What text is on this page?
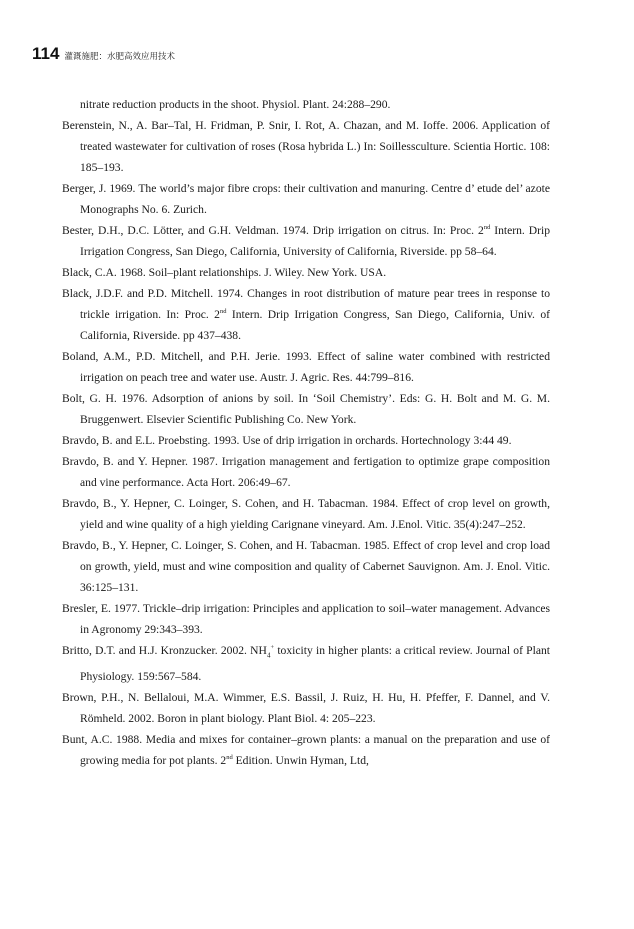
114 灌溉施肥：水肥高效应用技术

nitrate reduction products in the shoot. Physiol. Plant. 24:288–290.

Berenstein, N., A. Bar–Tal, H. Fridman, P. Snir, I. Rot, A. Chazan, and M. Ioffe. 2006. Application of treated wastewater for cultivation of roses (Rosa hybrida L.) In: Soillessculture. Scientia Hortic. 108: 185–193.

Berger, J. 1969. The world’s major fibre crops: their cultivation and manuring. Centre d’ etude del’ azote Monographs No. 6. Zurich.

Bester, D.H., D.C. Lötter, and G.H. Veldman. 1974. Drip irrigation on citrus. In: Proc. 2nd Intern. Drip Irrigation Congress, San Diego, California, University of California, Riverside. pp 58–64.

Black, C.A. 1968. Soil–plant relationships. J. Wiley. New York. USA.

Black, J.D.F. and P.D. Mitchell. 1974. Changes in root distribution of mature pear trees in response to trickle irrigation. In: Proc. 2nd Intern. Drip Irrigation Congress, San Diego, California, Univ. of California, Riverside. pp 437–438.

Boland, A.M., P.D. Mitchell, and P.H. Jerie. 1993. Effect of saline water combined with restricted irrigation on peach tree and water use. Austr. J. Agric. Res. 44:799–816.

Bolt, G. H. 1976. Adsorption of anions by soil. In ‘Soil Chemistry’. Eds: G. H. Bolt and M. G. M. Bruggenwert. Elsevier Scientific Publishing Co. New York.

Bravdo, B. and E.L. Proebsting. 1993. Use of drip irrigation in orchards. Hortechnology 3:44 49.

Bravdo, B. and Y. Hepner. 1987. Irrigation management and fertigation to optimize grape composition and vine performance. Acta Hort. 206:49–67.

Bravdo, B., Y. Hepner, C. Loinger, S. Cohen, and H. Tabacman. 1984. Effect of crop level on growth, yield and wine quality of a high yielding Carignane vineyard. Am. J.Enol. Vitic. 35(4):247–252.

Bravdo, B., Y. Hepner, C. Loinger, S. Cohen, and H. Tabacman. 1985. Effect of crop level and crop load on growth, yield, must and wine composition and quality of Cabernet Sauvignon. Am. J. Enol. Vitic. 36:125–131.

Bresler, E. 1977. Trickle–drip irrigation: Principles and application to soil–water management. Advances in Agronomy 29:343–393.

Britto, D.T. and H.J. Kronzucker. 2002. $NH_4^+$ toxicity in higher plants: a critical review. Journal of Plant Physiology. 159:567–584.

Brown, P.H., N. Bellaloui, M.A. Wimmer, E.S. Bassil, J. Ruiz, H. Hu, H. Pfeffer, F. Dannel, and V. Römheld. 2002. Boron in plant biology. Plant Biol. 4: 205–223.

Bunt, A.C. 1988. Media and mixes for container–grown plants: a manual on the preparation and use of growing media for pot plants. 2nd Edition. Unwin Hyman, Ltd,
